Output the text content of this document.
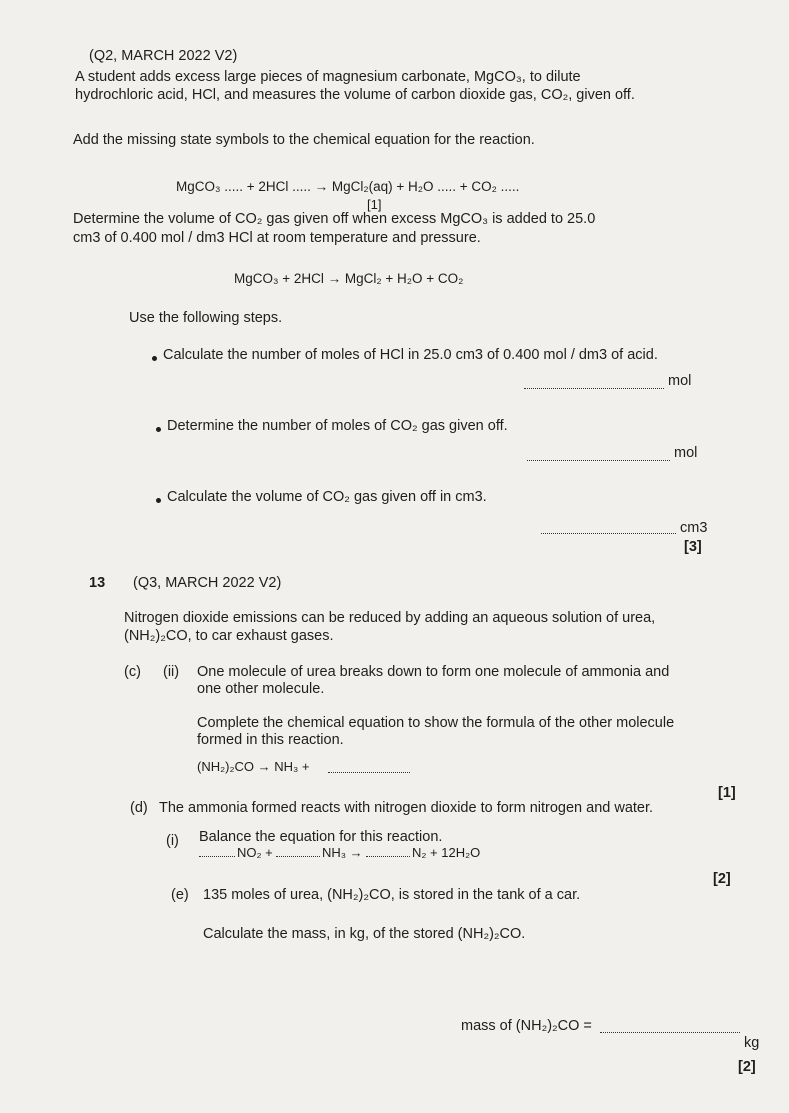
(Q2, MARCH 2022 V2)
A student adds excess large pieces of magnesium carbonate, MgCO₃, to dilute
hydrochloric acid, HCl, and measures the volume of carbon dioxide gas, CO₂, given off.
Add the missing state symbols to the chemical equation for the reaction.
MgCO₃ ..... + 2HCl ..... → MgCl₂(aq) + H₂O ..... + CO₂ .....
[1]
Determine the volume of CO₂ gas given off when excess MgCO₃ is added to 25.0
cm3 of 0.400 mol / dm3 HCl at room temperature and pressure.
MgCO₃ + 2HCl → MgCl₂ + H₂O + CO₂
Use the following steps.
Calculate the number of moles of HCl in 25.0 cm3 of 0.400 mol / dm3 of acid.
mol
Determine the number of moles of CO₂ gas given off.
mol
Calculate the volume of CO₂ gas given off in cm3.
cm3
[3]
13 (Q3, MARCH 2022 V2)
Nitrogen dioxide emissions can be reduced by adding an aqueous solution of urea,
(NH₂)₂CO, to car exhaust gases.
(c) (ii) One molecule of urea breaks down to form one molecule of ammonia and
one other molecule.
Complete the chemical equation to show the formula of the other molecule
formed in this reaction.
(NH₂)₂CO → NH₃ +
[1]
(d) The ammonia formed reacts with nitrogen dioxide to form nitrogen and water.
(i) Balance the equation for this reaction.
NO₂ +	NH₃ →	N₂ + 12H₂O
[2]
(e) 135 moles of urea, (NH₂)₂CO, is stored in the tank of a car.
Calculate the mass, in kg, of the stored (NH₂)₂CO.
mass of (NH₂)₂CO =
kg
[2]
